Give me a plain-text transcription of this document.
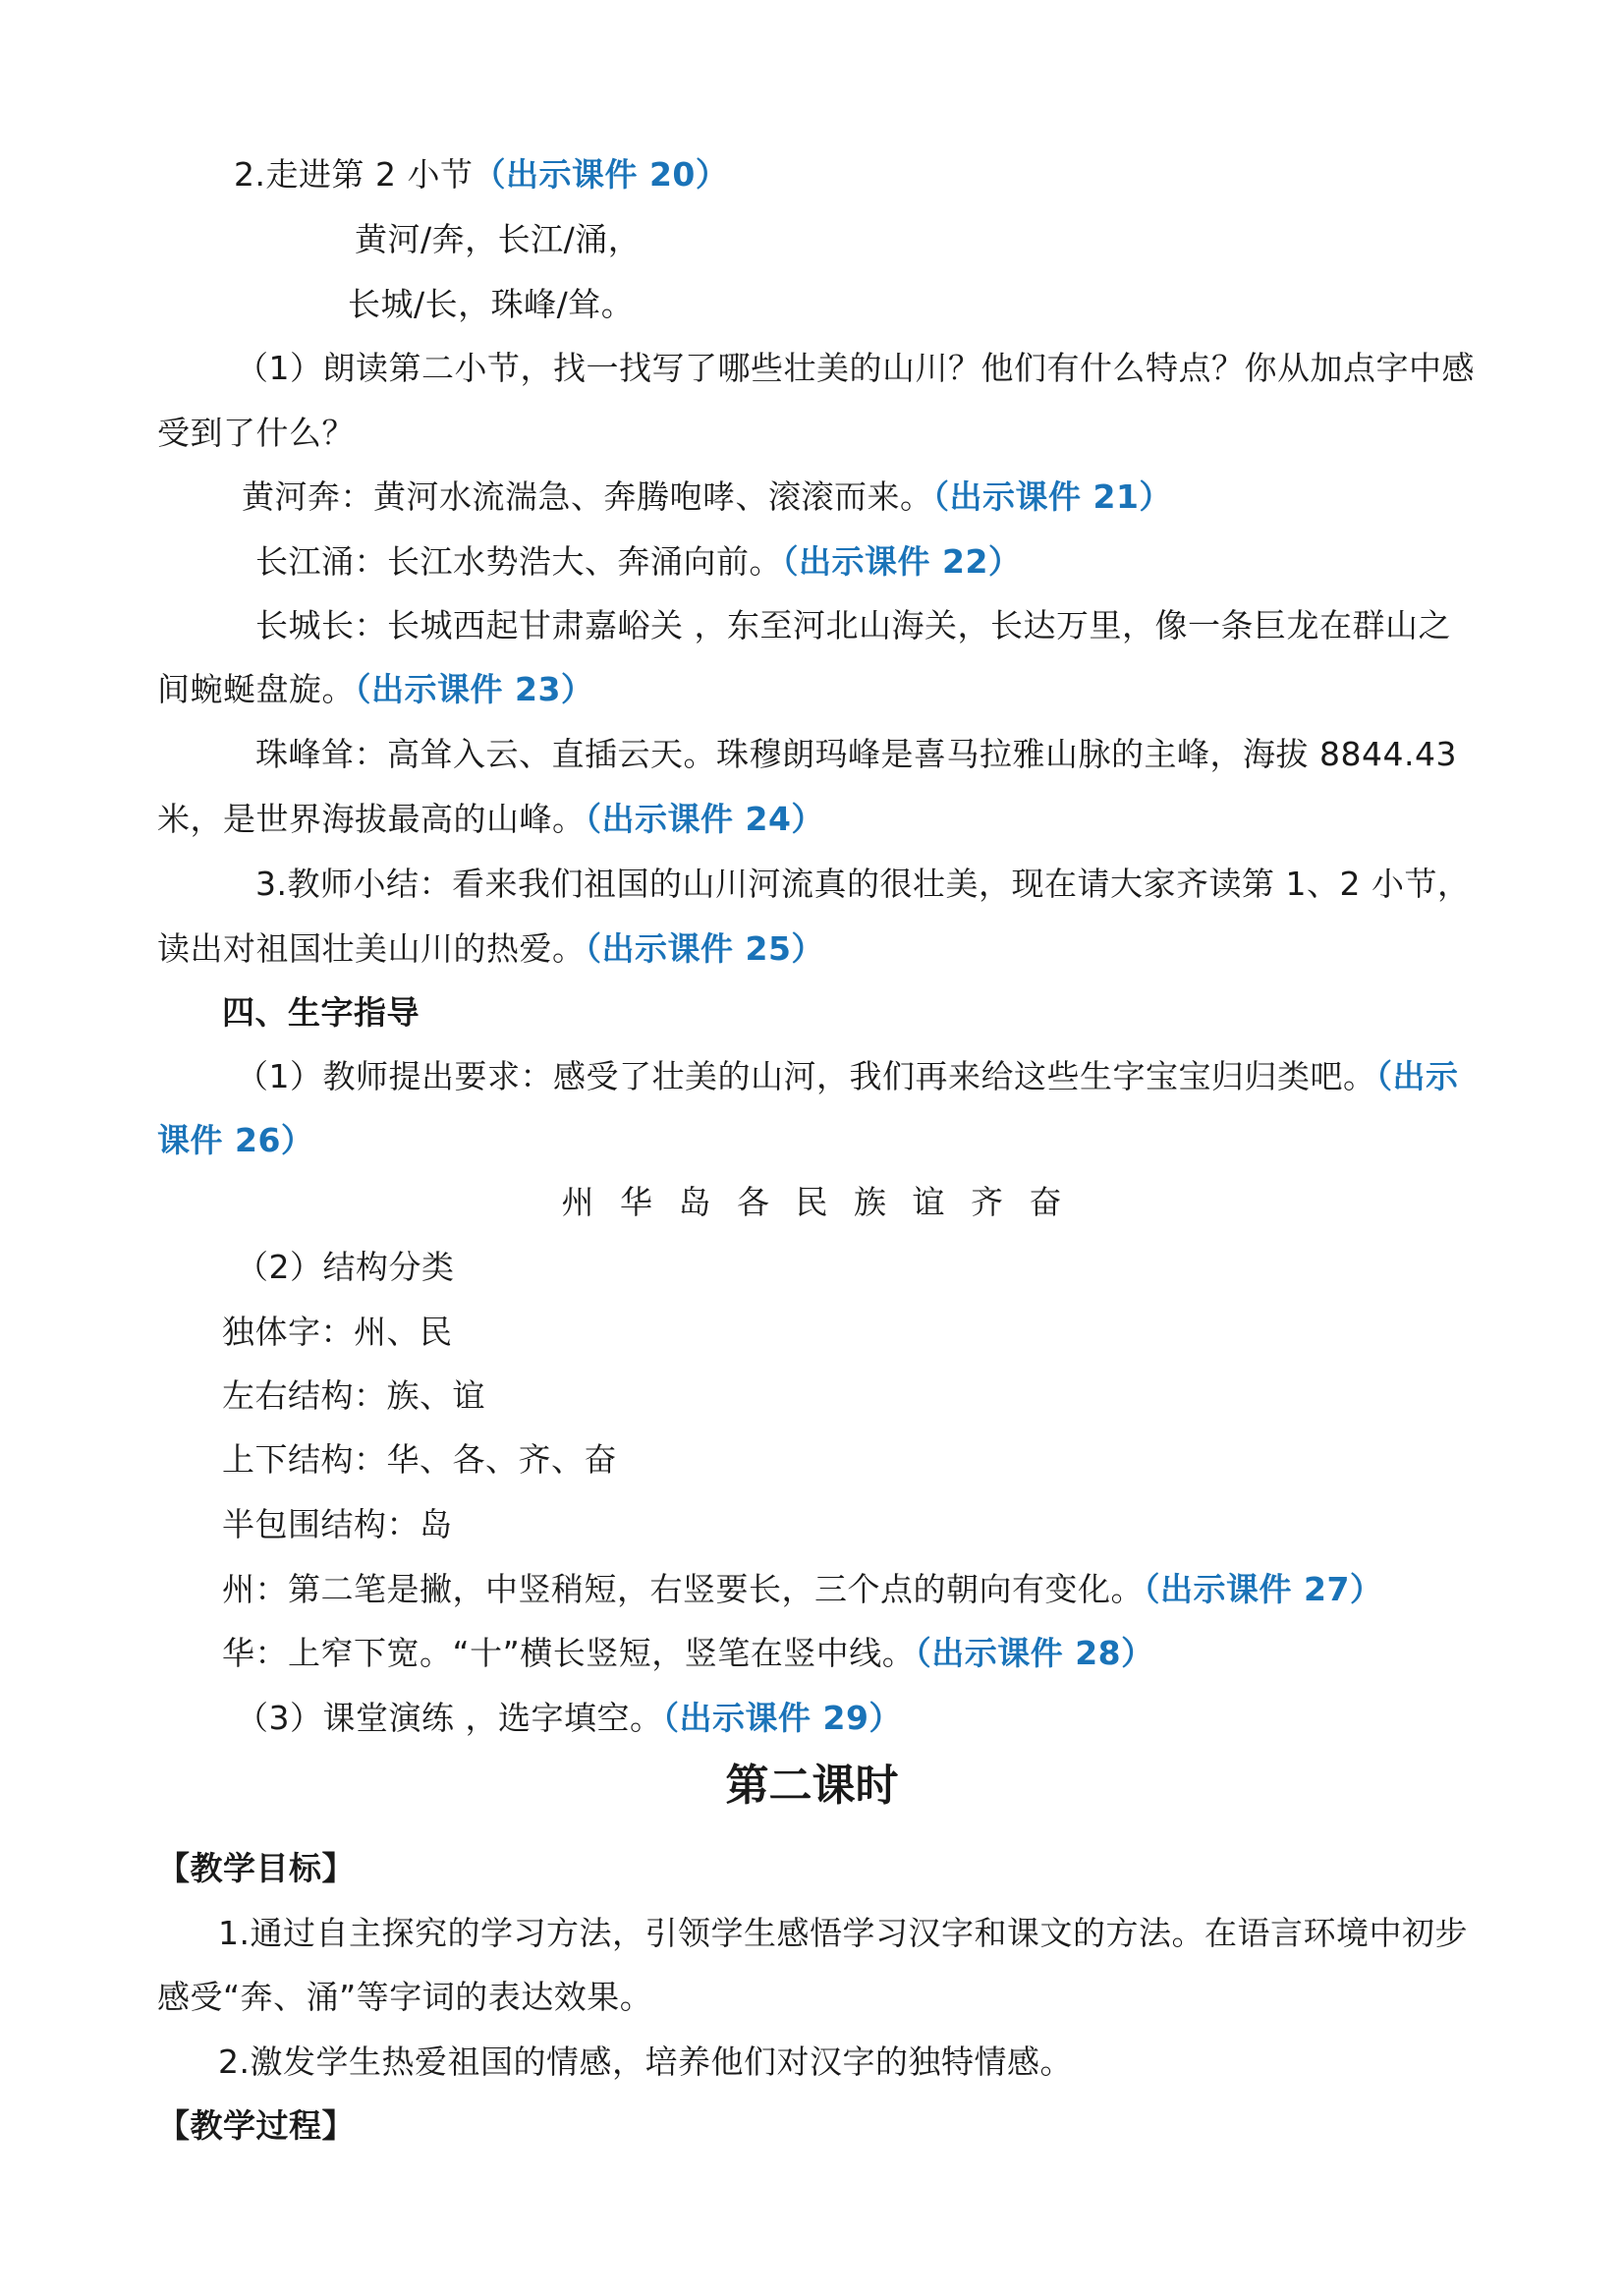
2.走进第 2 小节（出示课件 20）
黄河/奔，长江/涌，
长城/长，珠峰/耸。
（1）朗读第二小节，找一找写了哪些壮美的山川？他们有什么特点？你从加点字中感
受到了什么？
黄河奔：黄河水流湍急、奔腾咆哮、滚滚而来。（出示课件 21）
长江涌：长江水势浩大、奔涌向前。（出示课件 22）
长城长：长城西起甘肃嘉峪关 ，东至河北山海关，长达万里，像一条巨龙在群山之
间蜿蜒盘旋。（出示课件 23）
珠峰耸：高耸入云、直插云天。珠穆朗玛峰是喜马拉雅山脉的主峰，海拔 8844.43
米，是世界海拔最高的山峰。（出示课件 24）
3.教师小结：看来我们祖国的山川河流真的很壮美，现在请大家齐读第 1、2 小节，
读出对祖国壮美山川的热爱。（出示课件 25）
四、生字指导
（1）教师提出要求：感受了壮美的山河，我们再来给这些生字宝宝归归类吧。（出示
课件 26）
州 华 岛 各 民 族 谊 齐 奋
（2）结构分类
独体字：州、民
左右结构：族、谊
上下结构：华、各、齐、奋
半包围结构：岛
州：第二笔是撇，中竖稍短，右竖要长，三个点的朝向有变化。（出示课件 27）
华：上窄下宽。“十”横长竖短，竖笔在竖中线。（出示课件 28）
（3）课堂演练 ，选字填空。（出示课件 29）
第二课时
【教学目标】
1.通过自主探究的学习方法，引领学生感悟学习汉字和课文的方法。在语言环境中初步
感受“奔、涌”等字词的表达效果。
2.激发学生热爱祖国的情感，培养他们对汉字的独特情感。
【教学过程】
